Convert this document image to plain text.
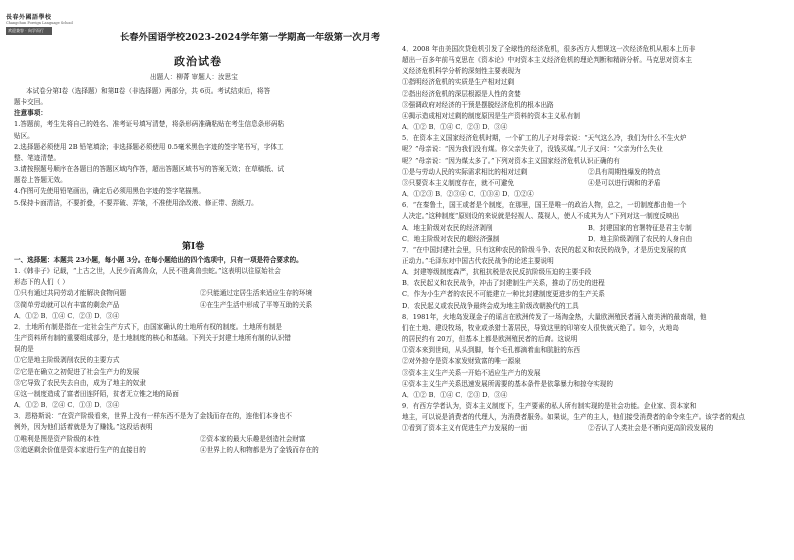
長春外國語學校
Changchun Foreign Language School
欢迎兼容 · 向学而行
长春外国语学校2023-2024学年第一学期高一年级第一次月考
政治试卷
出题人：柳菁 审题人：汝思宝
本试卷分第Ⅰ卷（选择题）和第Ⅱ卷（非选择题）两部分，共 6页。考试结束后，将答
题卡交回。
注意事项：
1.答题前，考生先将自己的姓名、准考证号填写清楚，将条形码准确粘贴在考生信息条形码粘
贴区。
2.选择题必须使用 2B 铅笔填涂；非选择题必须使用 0.5毫米黑色字迹的签字笔书写，字体工
整、笔迹清楚。
3.请按照题号顺序在各题目的答题区域内作答，超出答题区域书写的答案无效；在草稿纸、试
题卷上答题无效。
4.作图可先使用铅笔画出，确定后必须用黑色字迹的签字笔描黑。
5.保持卡面清洁，不要折叠，不要弄破、弄皱，不准使用涂改液、修正带、刮纸刀。
第Ⅰ卷
一、选择题：本题共 23小题，每小题 3分。在每小题给出的四个选项中，只有一项是符合要求的。
1.《韩非子》记载，“上古之世，人民少而禽兽众，人民不胜禽兽虫蛇。”这表明以往原始社会
形态下的人们（ ）
①只有通过共同劳动才能解决食物问题	②只能通过定居生活来适应生存的环境
③简单劳动就可以有丰富的剩余产品	④在生产生活中形成了平等互助的关系
A．①② B．①④ C．②③ D．③④
2．土地所有制是指在一定社会生产方式下，由国家确认的土地所有权的制度。土地所有制是
生产资料所有制的重要组成部分，是土地制度的核心和基础。下列关于封建土地所有制的认识错
误的是
①它是地主阶级剥削农民的主要方式
②它是在确立之初促进了社会生产力的发展
③它导致了农民失去自由，成为了地主的奴隶
④这一制度造成了富者田连阡陌，贫者无立锥之地的局面
A．①② B．②④ C．①③ D．③④
3．恩格斯说：“在资产阶级看来，世界上没有一样东西不是为了金钱而存在的，连他们本身也不
例外，因为他们活着就是为了赚钱。”这段话表明
①唯利是图是资产阶级的本性	②资本家的最大乐趣是创造社会财富
③追逐剩余价值是资本家进行生产的直接目的	④世界上的人和物都是为了金钱而存在的
4．2008 年由美国次贷危机引发了全球性的经济危机，很多西方人想规这一次经济危机从根本上历非
超出一百多年前马克思在《资本论》中对资本主义经济危机的理论判断和精辟分析。马克思对资本主
义经济危机科学分析的深刻性主要表现为
①指明经济危机的实质是生产相对过剩
②指出经济危机的深层根源是人性的贪婪
③强调政府对经济的干预是摆脱经济危机的根本出路
④揭示造成相对过剩的制度原因是生产资料的资本主义私有制
A．①② B．①④ C．②③ D．③④
5．在资本主义国家经济危机时期，一个矿工的儿子对母亲说：“天气这么冷，我们为什么不生火炉
呢？”母亲说：“因为我们没有煤。你父亲失业了，没钱买煤。”儿子又问：“父亲为什么失业
呢？”母亲说：“因为煤太多了。”下列对资本主义国家经济危机认识正确的有
①是与劳动人民的实际需求相比的相对过剩	②具有周期性爆发的特点
③只要资本主义制度存在，就不可避免	④是可以进行调和的矛盾
A．①②③ B．②③④ C．①③④ D．①②④
6．“在秦鲁土，国王或者是个制度，在那里，国王是唯一的政治人物，总之，一切制度都由他一个
人决定。”这种制度“原则设的来说就是轻视人、蔑视人，使人不成其为人”下列对这一制度反映出
A．地主阶级对农民的经济剥削	B．封建国家的官署特征是君主专制
C．地主阶级对农民的超经济强制	D．地主阶级剥削了农民的人身自由
7．“在中国封建社会里，只有这种农民的阶级斗争、农民的起义和农民的战争，才是历史发展的真
正动力。”毛泽东对中国古代农民战争的论述主要说明
A．封建等级制度森严，抗租抗税是农民反抗阶级压迫的主要手段
B．农民起义和农民战争，冲击了封建制生产关系，推动了历史的进程
C．作为小生产者的农民不可能建立一种比封建制度更进步的生产关系
D．农民起义或农民战争最终会成为地主阶级改朝换代的工具
8．1981年，火地岛发现金子的谣言在欧洲传发了一场淘金热，大量欧洲殖民者涌入南美洲的最南端，他
们在土地、建设牧场，牧业或杀猎土著居民，导致这里的印第安人很快就灭绝了。如今，火地岛
的居民约有 20万，但基本上都是欧洲殖民者的后裔。这说明
①资本来到世间，从头到脚，每个毛孔都滴着血和肮脏的东西
②对外掠夺是资本家发财致富的唯一源泉
③资本主义生产关系一开始不适应生产力的发展
④资本主义生产关系迅速发展所需要的基本条件是依靠暴力和掠夺实现的
A．①② B．①④ C．②③ D．③④
9．有西方学者认为，资本主义制度下，生产要素的私人所有制实现的是社会功能。企业家、资本家和
地主，可以说是消费者的代理人，为消费者服务。如果说，生产的主人，他们接受消费者的命令来生产。该学者的观点
①看到了资本主义有促进生产力发展的一面	②否认了人类社会是不断向更高阶段发展的
